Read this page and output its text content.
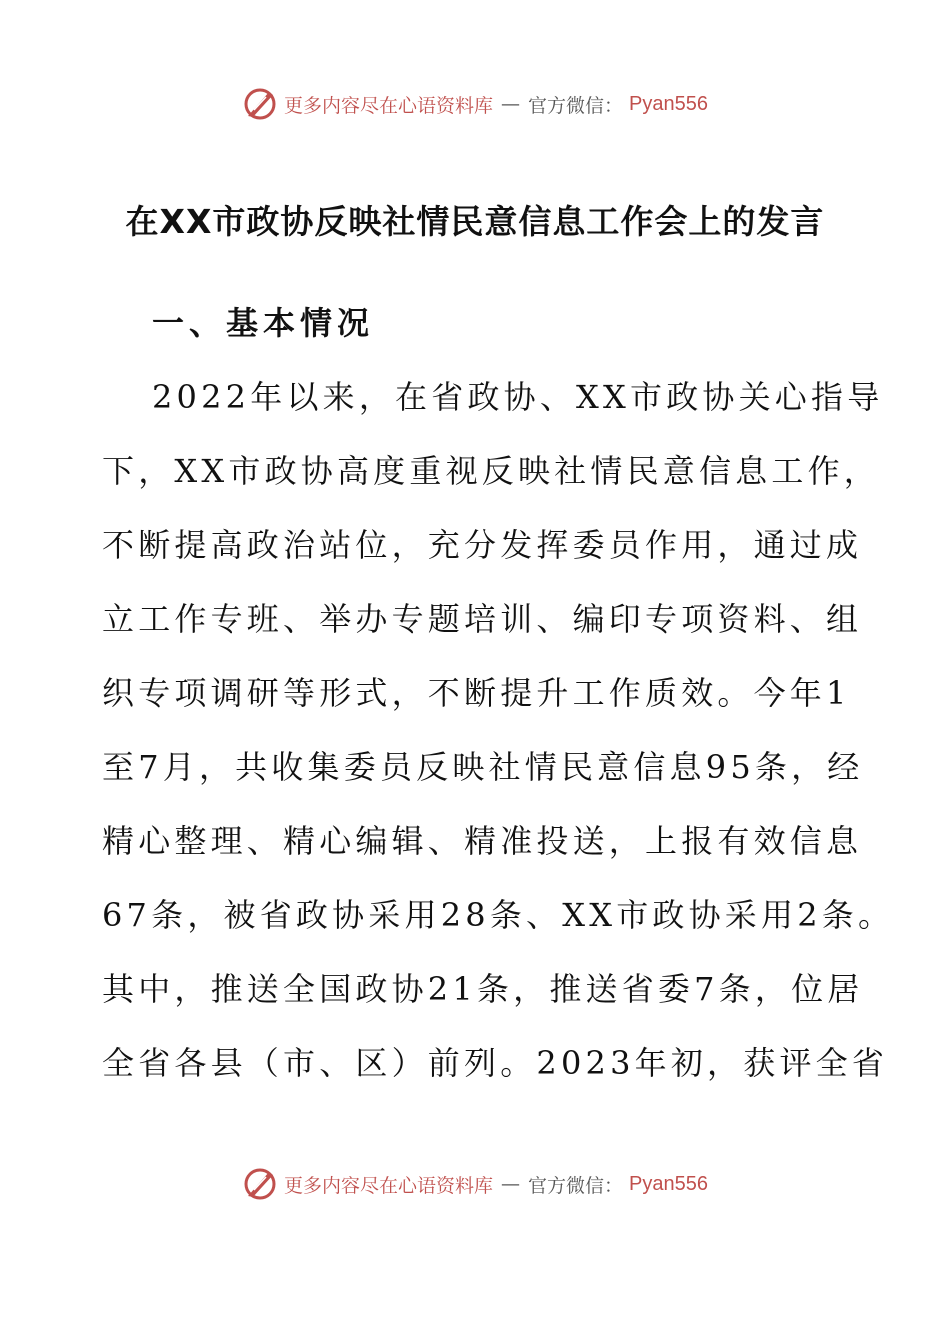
更多内容尽在心语资料库 — 官方微信： Pyan556
在XX市政协反映社情民意信息工作会上的发言
一、基本情况
2022年以来，在省政协、XX市政协关心指导
下，XX市政协高度重视反映社情民意信息工作，
不断提高政治站位，充分发挥委员作用，通过成
立工作专班、举办专题培训、编印专项资料、组
织专项调研等形式，不断提升工作质效。今年1
至7月，共收集委员反映社情民意信息95条，经
精心整理、精心编辑、精准投送，上报有效信息
67条，被省政协采用28条、XX市政协采用2条。
其中，推送全国政协21条，推送省委7条，位居
全省各县（市、区）前列。2023年初，获评全省
更多内容尽在心语资料库 — 官方微信： Pyan556
